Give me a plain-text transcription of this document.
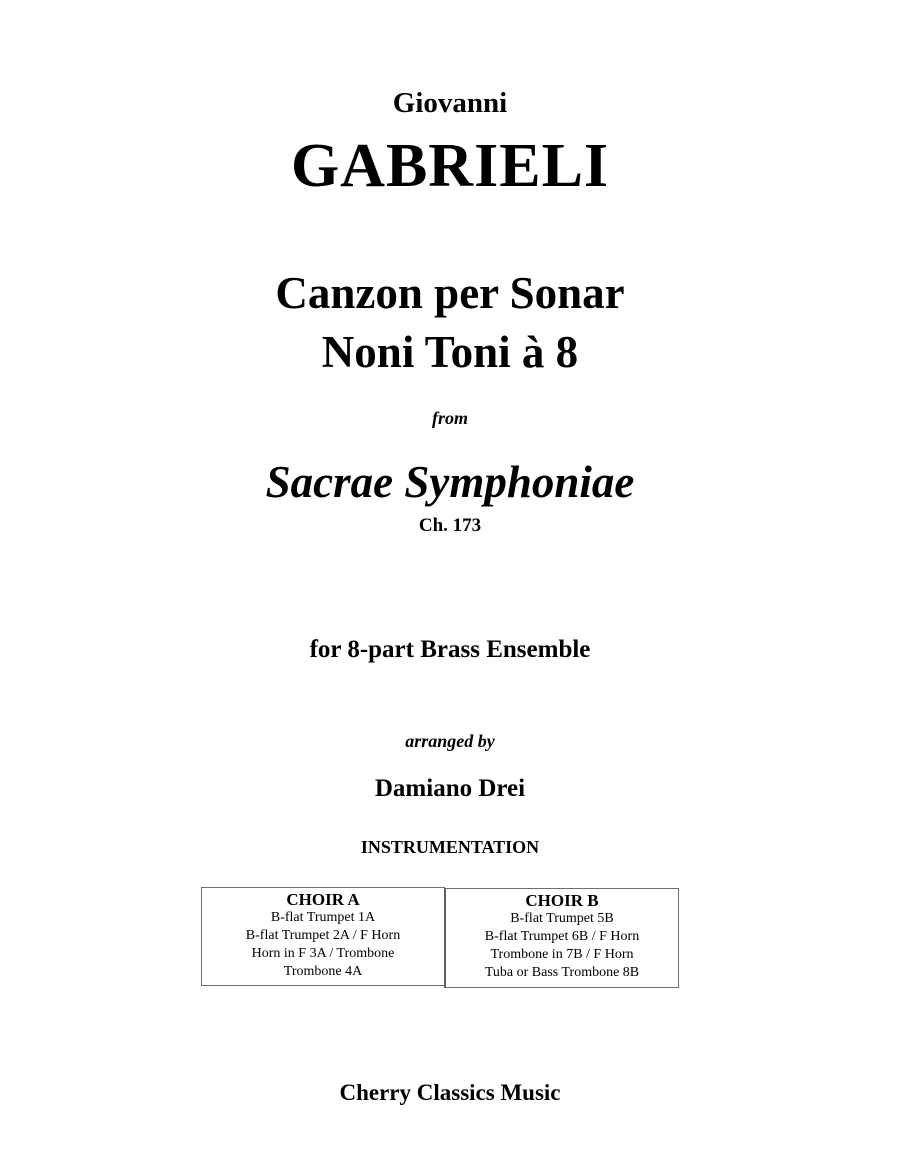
Giovanni
GABRIELI
Canzon per Sonar
Noni Toni à 8
from
Sacrae Symphoniae
Ch. 173
for 8-part Brass Ensemble
arranged by
Damiano Drei
INSTRUMENTATION
CHOIR A
B-flat Trumpet 1A
B-flat Trumpet 2A / F Horn
Horn in F 3A / Trombone
Trombone 4A
CHOIR B
B-flat Trumpet 5B
B-flat Trumpet 6B / F Horn
Trombone in 7B / F Horn
Tuba or Bass Trombone 8B
Cherry Classics Music
